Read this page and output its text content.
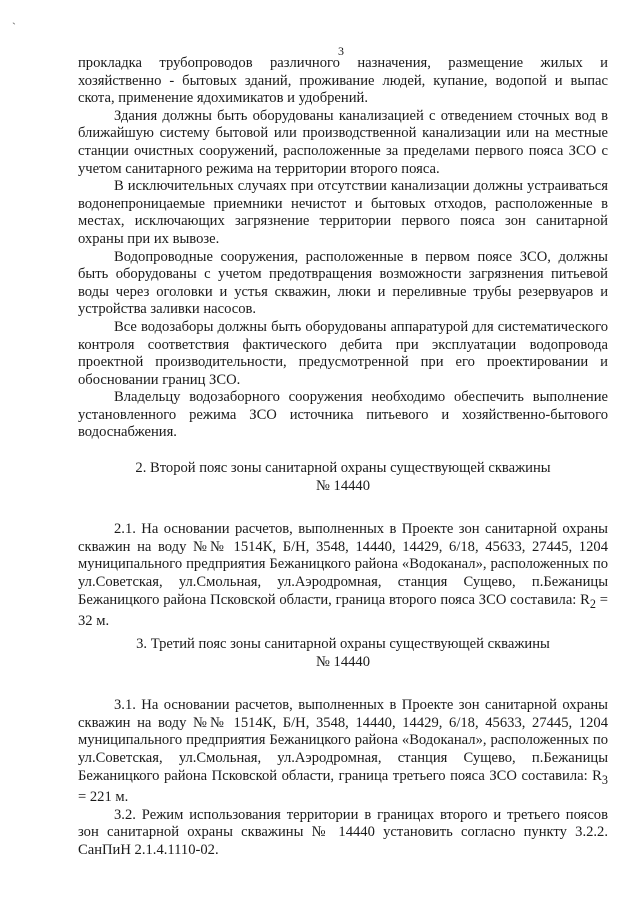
`
3

прокладка трубопроводов различного назначения, размещение жилых и хозяйственно - бытовых зданий, проживание людей, купание, водопой и выпас скота, применение ядохимикатов и удобрений.

Здания должны быть оборудованы канализацией с отведением сточных вод в ближайшую систему бытовой или производственной канализации или на местные станции очистных сооружений, расположенные за пределами первого пояса ЗСО с учетом санитарного режима на территории второго пояса.

В исключительных случаях при отсутствии канализации должны устраиваться водонепроницаемые приемники нечистот и бытовых отходов, расположенные в местах, исключающих загрязнение территории первого пояса зон санитарной охраны при их вывозе.

Водопроводные сооружения, расположенные в первом поясе ЗСО, должны быть оборудованы с учетом предотвращения возможности загрязнения питьевой воды через оголовки и устья скважин, люки и переливные трубы резервуаров и устройства заливки насосов.

Все водозаборы должны быть оборудованы аппаратурой для систематического контроля соответствия фактического дебита при эксплуатации водопровода проектной производительности, предусмотренной при его проектировании и обосновании границ ЗСО.

Владельцу водозаборного сооружения необходимо обеспечить выполнение установленного режима ЗСО источника питьевого и хозяйственно-бытового водоснабжения.

2. Второй пояс зоны санитарной охраны существующей скважины

№ 14440

2.1. На основании расчетов, выполненных в Проекте зон санитарной охраны скважин на воду №№ 1514К, Б/Н, 3548, 14440, 14429, 6/18, 45633, 27445, 1204 муниципального предприятия Бежаницкого района «Водоканал», расположенных по ул.Советская, ул.Смольная, ул.Аэродромная, станция Сущево, п.Бежаницы Бежаницкого района Псковской области, граница второго пояса ЗСО составила: $R_2 = 32$ м.

3. Третий пояс зоны санитарной охраны существующей скважины

№ 14440

3.1. На основании расчетов, выполненных в Проекте зон санитарной охраны скважин на воду №№ 1514К, Б/Н, 3548, 14440, 14429, 6/18, 45633, 27445, 1204 муниципального предприятия Бежаницкого района «Водоканал», расположенных по ул.Советская, ул.Смольная, ул.Аэродромная, станция Сущево, п.Бежаницы Бежаницкого района Псковской области, граница третьего пояса ЗСО составила: $R_3 = 221$ м.

3.2. Режим использования территории в границах второго и третьего поясов зон санитарной охраны скважины № 14440 установить согласно пункту 3.2.2. СанПиН 2.1.4.1110-02.
